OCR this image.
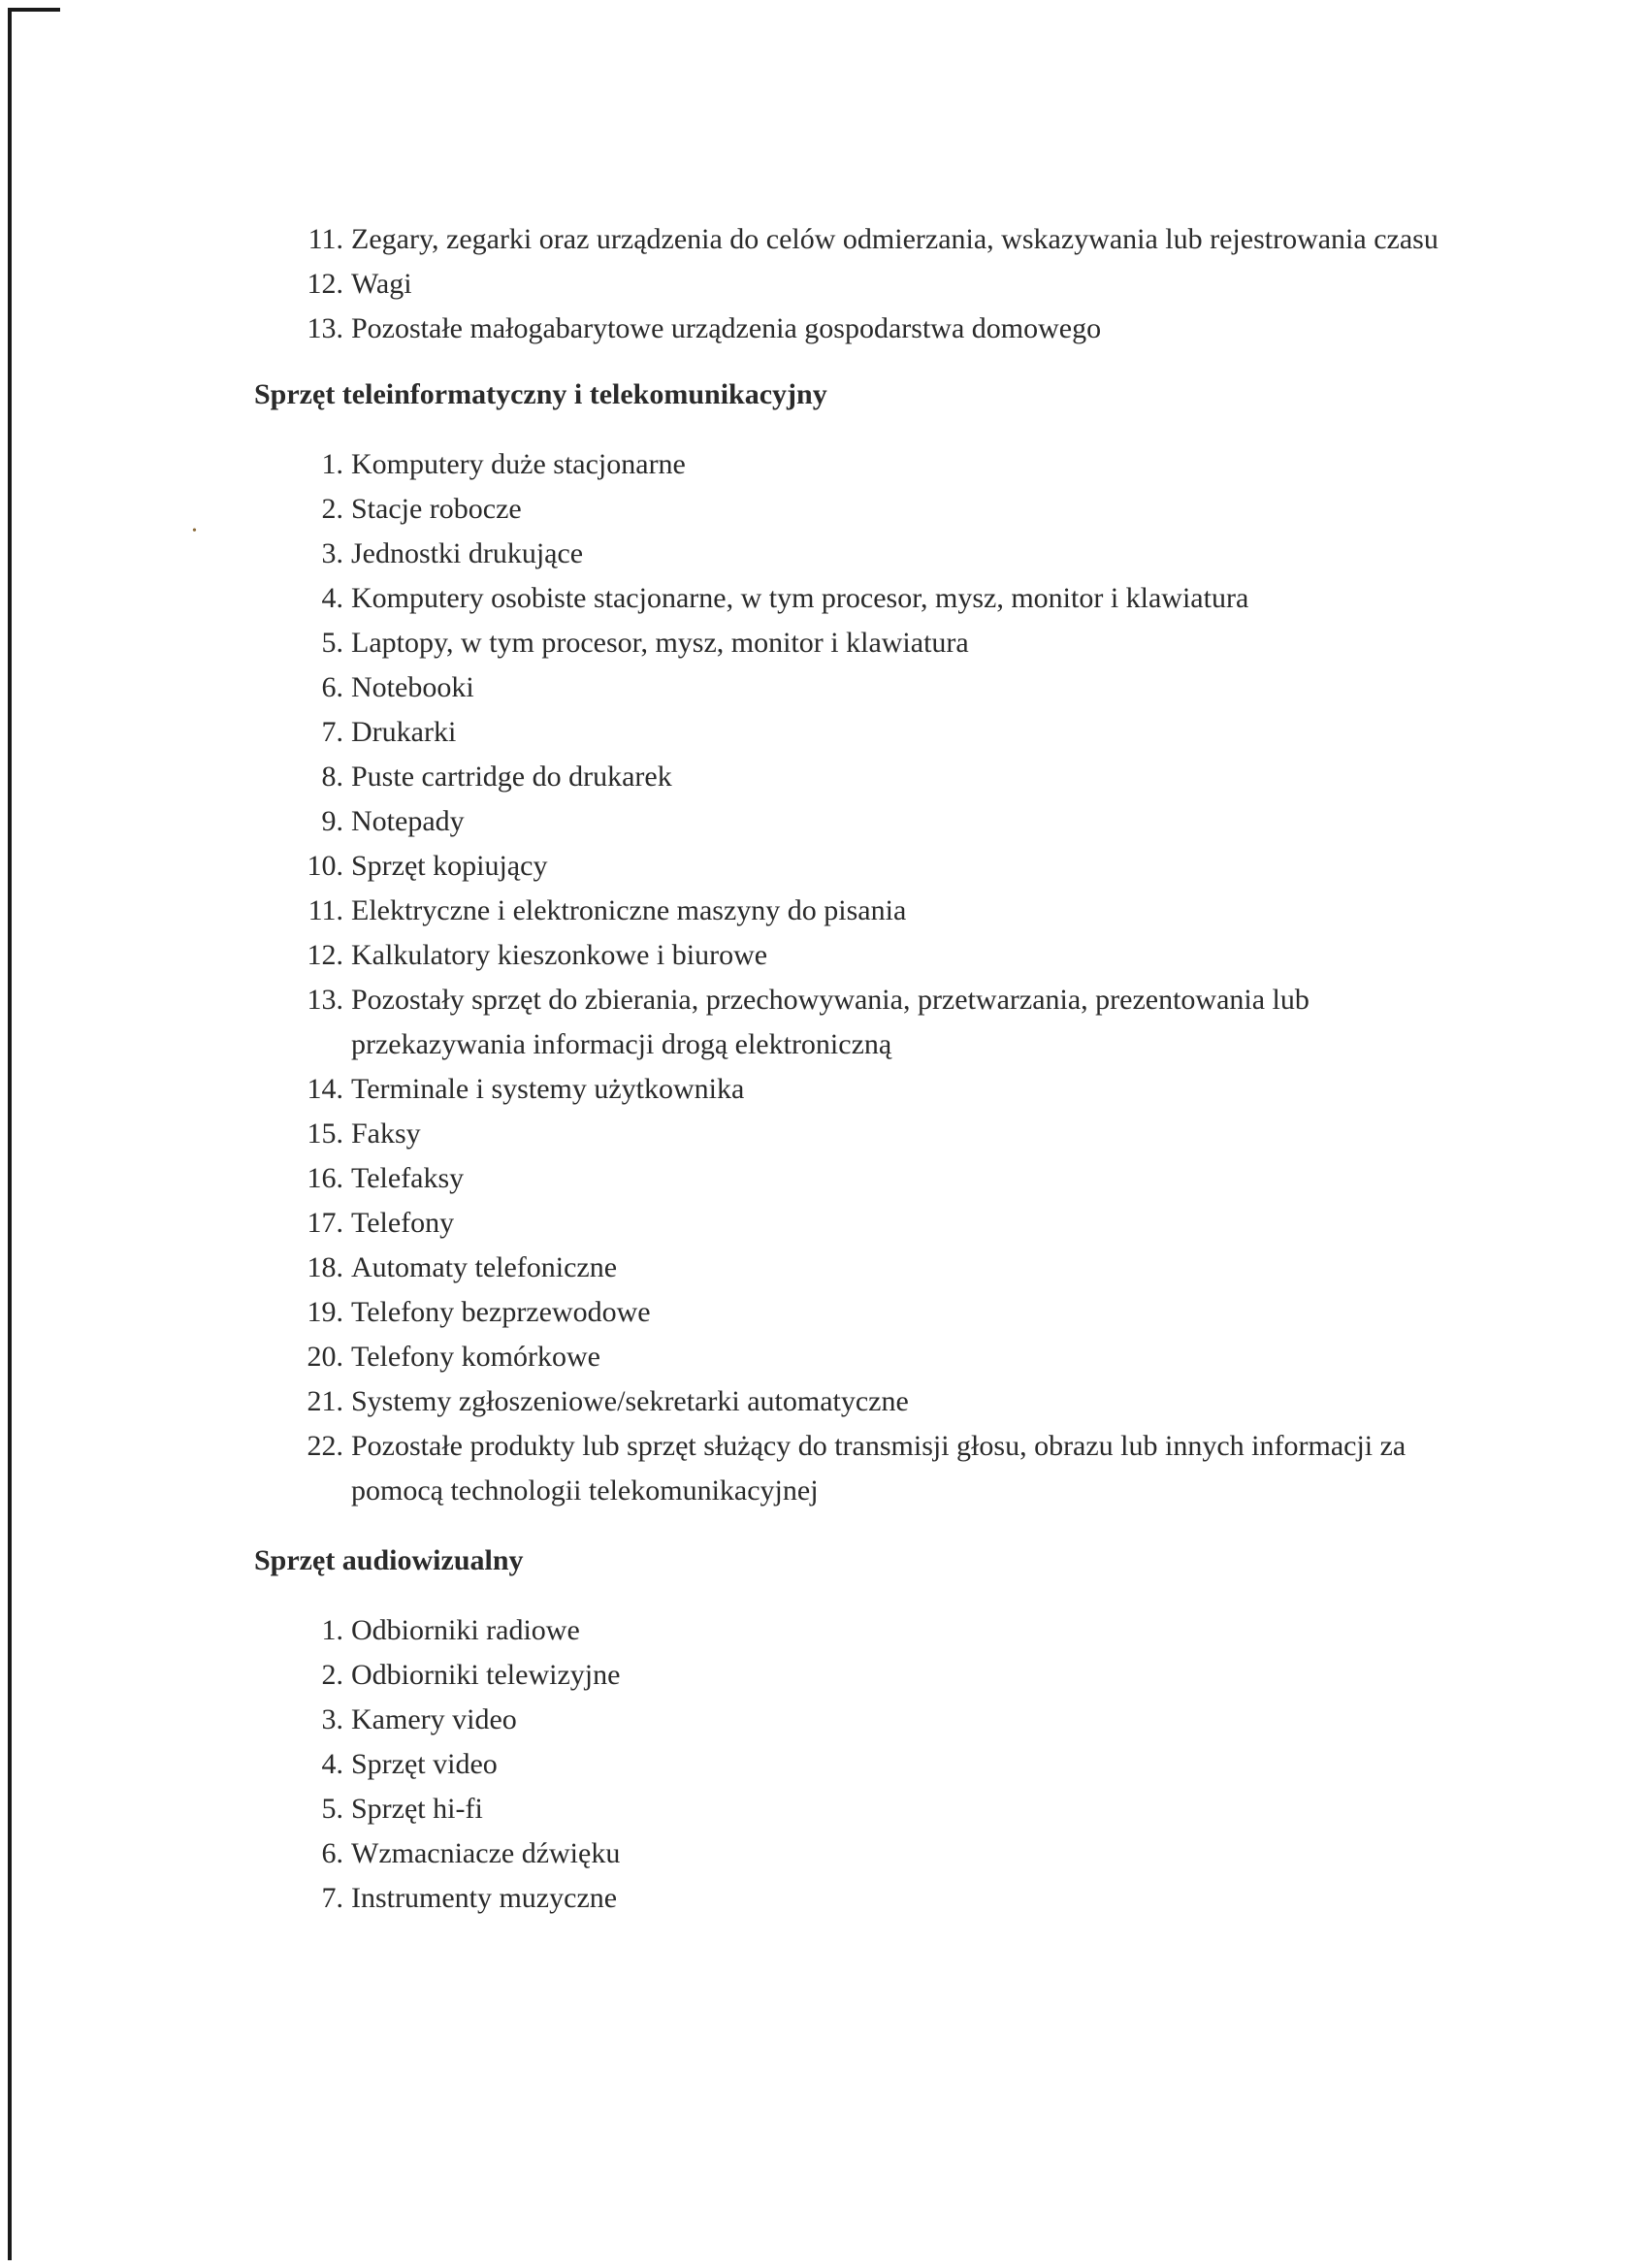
•
11. Zegary, zegarki oraz urządzenia do celów odmierzania, wskazywania lub rejestrowania czasu
12. Wagi
13. Pozostałe małogabarytowe urządzenia gospodarstwa domowego
Sprzęt teleinformatyczny i telekomunikacyjny
1. Komputery duże stacjonarne
2. Stacje robocze
3. Jednostki drukujące
4. Komputery osobiste stacjonarne, w tym procesor, mysz, monitor i klawiatura
5. Laptopy, w tym procesor, mysz, monitor i klawiatura
6. Notebooki
7. Drukarki
8. Puste cartridge do drukarek
9. Notepady
10. Sprzęt kopiujący
11. Elektryczne i elektroniczne maszyny do pisania
12. Kalkulatory kieszonkowe i biurowe
13. Pozostały sprzęt do zbierania, przechowywania, przetwarzania, prezentowania lub przekazywania informacji drogą elektroniczną
14. Terminale i systemy użytkownika
15. Faksy
16. Telefaksy
17. Telefony
18. Automaty telefoniczne
19. Telefony bezprzewodowe
20. Telefony komórkowe
21. Systemy zgłoszeniowe/sekretarki automatyczne
22. Pozostałe produkty lub sprzęt służący do transmisji głosu, obrazu lub innych informacji za pomocą technologii telekomunikacyjnej
Sprzęt audiowizualny
1. Odbiorniki radiowe
2. Odbiorniki telewizyjne
3. Kamery video
4. Sprzęt video
5. Sprzęt hi-fi
6. Wzmacniacze dźwięku
7. Instrumenty muzyczne
